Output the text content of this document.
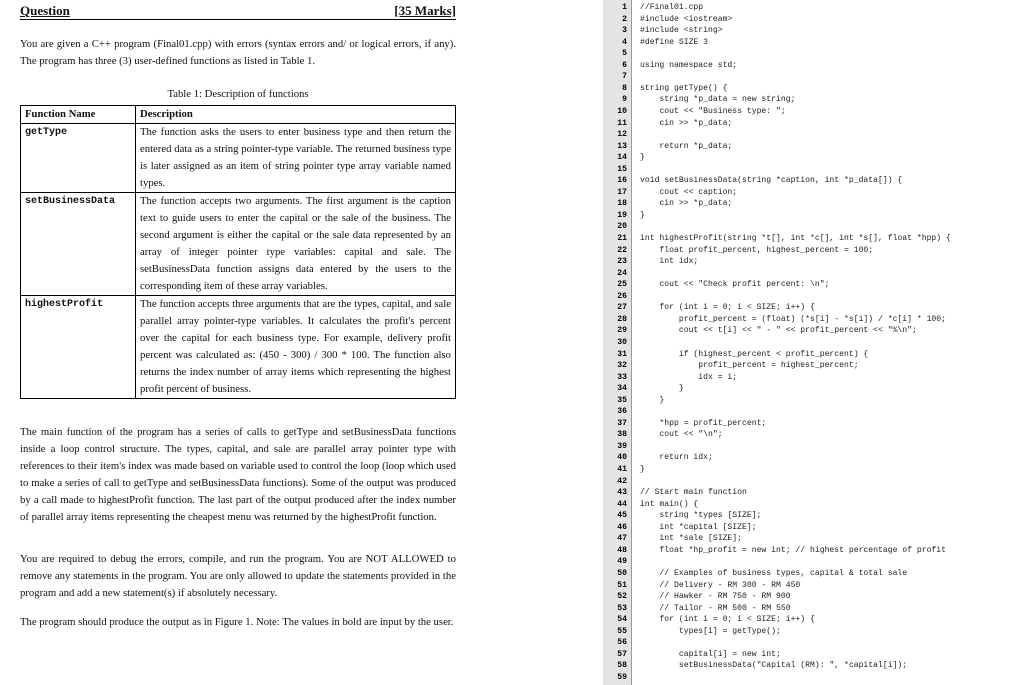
Question	[35 Marks]
You are given a C++ program (Final01.cpp) with errors (syntax errors and/ or logical errors, if any). The program has three (3) user-defined functions as listed in Table 1.
Table 1: Description of functions
Function Name	Description
getType	The function asks the users to enter business type and then return the entered data as a string pointer-type variable. The returned business type is later assigned as an item of string pointer type array variable named types.
setBusinessData	The function accepts two arguments. The first argument is the caption text to guide users to enter the capital or the sale of the business. The second argument is either the capital or the sale data represented by an array of integer pointer type variables: capital and sale. The setBusinessData function assigns data entered by the users to the corresponding item of these array variables.
highestProfit	The function accepts three arguments that are the types, capital, and sale parallel array pointer-type variables. It calculates the profit's percent over the capital for each business type. For example, delivery profit percent was calculated as: (450 - 300) / 300 * 100. The function also returns the index number of array items which representing the highest profit percent of business.
The main function of the program has a series of calls to getType and setBusinessData functions inside a loop control structure. The types, capital, and sale are parallel array pointer type with references to their item's index was made based on variable used to control the loop (loop which used to make a series of call to getType and setBusinessData functions). Some of the output was produced by a call made to highestProfit function. The last part of the output produced after the index number of parallel array items representing the cheapest menu was returned by the highestProfit function.
You are required to debug the errors, compile, and run the program. You are NOT ALLOWED to remove any statements in the program. You are only allowed to update the statements provided in the program and add a new statement(s) if absolutely necessary.
The program should produce the output as in Figure 1. Note: The values in bold are input by the user.
1 //Final01.cpp
2 #include <iostream>
3 #include <string>
4 #define SIZE 3
5
6 using namespace std;
7
8 string getType() {
9 string *p_data = new string;
10 cout << "Business type: ";
11 cin >> *p_data;
12
13 return *p_data;
14 }
15
16 void setBusinessData(string *caption, int *p_data[]) {
17 cout << caption;
18 cin >> *p_data;
19 }
20
21 int highestProfit(string *t[], int *c[], int *s[], float *hpp) {
22 float profit_percent, highest_percent = 100;
23 int idx;
24
25 cout << "Check profit percent: \n";
26
27 for (int i = 0; i < SIZE; i++) {
28 profit_percent = (float) (*s[i] - *s[i]) / *c[i] * 100;
29 cout << t[i] << " - " << profit_percent << "%\n";
30
31 if (highest_percent < profit_percent) {
32 profit_percent = highest_percent;
33 idx = i;
34 }
35 }
36
37 *hpp = profit_percent;
38 cout << "\n";
39
40 return idx;
41 }
42
43 // Start main function
44 int main() {
45 string *types [SIZE];
46 int *capital [SIZE];
47 int *sale [SIZE];
48 float *hp_profit = new int; // highest percentage of profit
49
50 // Examples of business types, capital & total sale
51 // Delivery - RM 300 - RM 450
52 // Hawker - RM 750 - RM 900
53 // Tailor - RM 500 - RM 550
54 for (int i = 0; i < SIZE; i++) {
55 types[i] = getType();
56
57 capital[i] = new int;
58 setBusinessData("Capital (RM): ", *capital[i]);
59
